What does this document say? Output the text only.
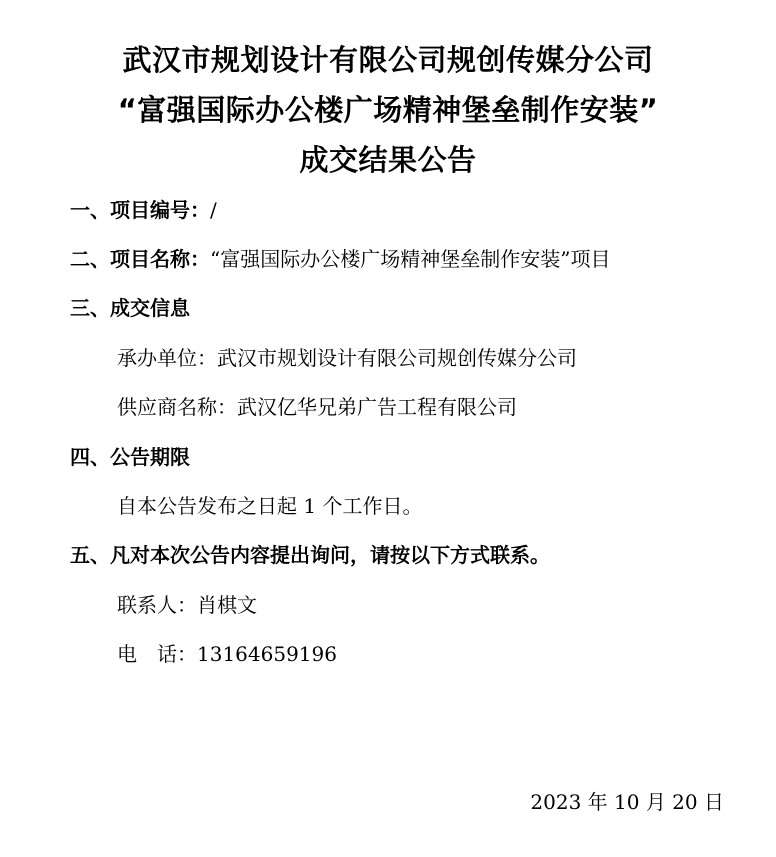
武汉市规划设计有限公司规创传媒分公司
“富强国际办公楼广场精神堡垒制作安装”
成交结果公告
一、项目编号：/
二、项目名称：“富强国际办公楼广场精神堡垒制作安装”项目
三、成交信息
承办单位：武汉市规划设计有限公司规创传媒分公司
供应商名称：武汉亿华兄弟广告工程有限公司
四、公告期限
自本公告发布之日起 1 个工作日。
五、凡对本次公告内容提出询问，请按以下方式联系。
联系人：肖棋文
电　话：13164659196
2023 年 10 月 20 日
